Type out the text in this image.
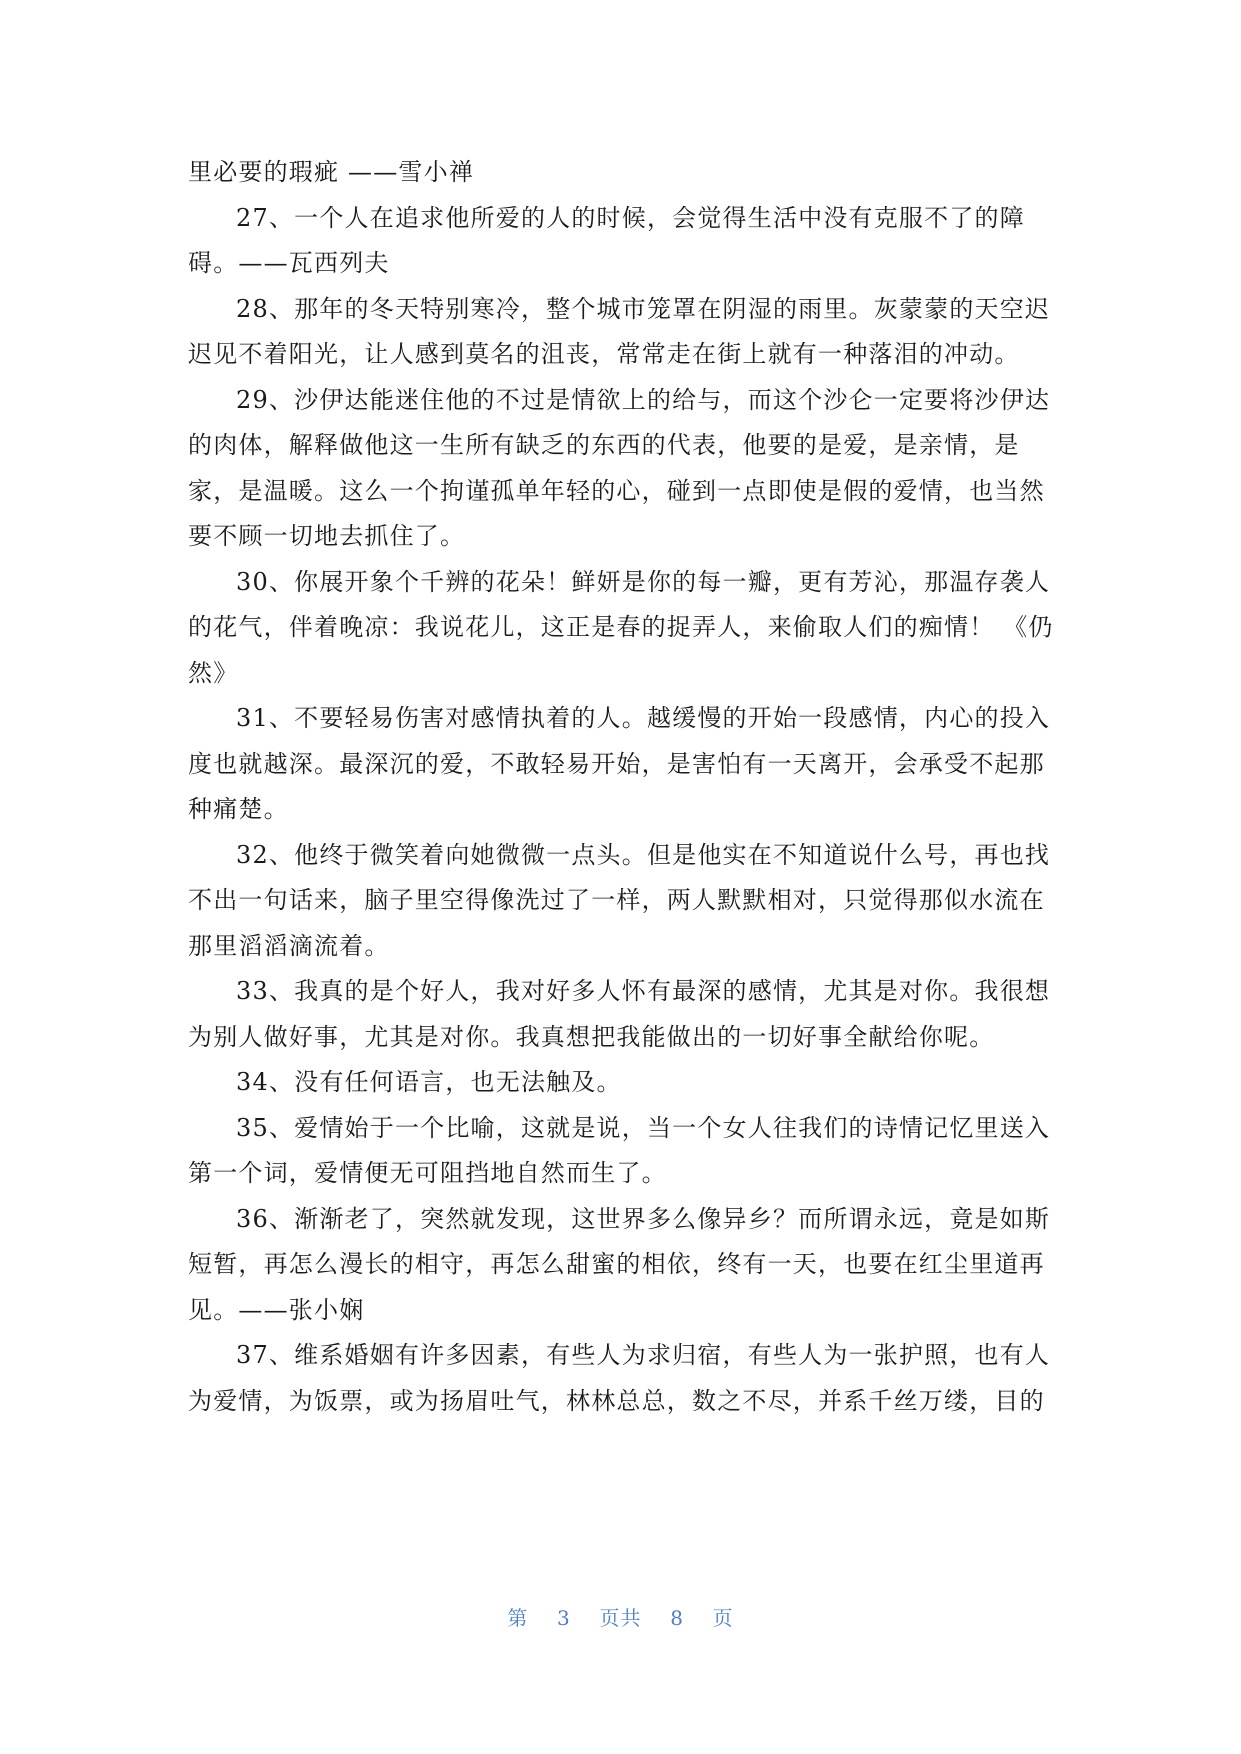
里必要的瑕疵 ——雪小禅
27、一个人在追求他所爱的人的时候，会觉得生活中没有克服不了的障
碍。——瓦西列夫
28、那年的冬天特别寒冷，整个城市笼罩在阴湿的雨里。灰蒙蒙的天空迟
迟见不着阳光，让人感到莫名的沮丧，常常走在街上就有一种落泪的冲动。
29、沙伊达能迷住他的不过是情欲上的给与，而这个沙仑一定要将沙伊达
的肉体，解释做他这一生所有缺乏的东西的代表，他要的是爱，是亲情，是
家，是温暖。这么一个拘谨孤单年轻的心，碰到一点即使是假的爱情，也当然
要不顾一切地去抓住了。
30、你展开象个千辨的花朵！鲜妍是你的每一瓣，更有芳沁，那温存袭人
的花气，伴着晚凉：我说花儿，这正是春的捉弄人，来偷取人们的痴情！ 《仍
然》
31、不要轻易伤害对感情执着的人。越缓慢的开始一段感情，内心的投入
度也就越深。最深沉的爱，不敢轻易开始，是害怕有一天离开，会承受不起那
种痛楚。
32、他终于微笑着向她微微一点头。但是他实在不知道说什么号，再也找
不出一句话来，脑子里空得像洗过了一样，两人默默相对，只觉得那似水流在
那里滔滔滴流着。
33、我真的是个好人，我对好多人怀有最深的感情，尤其是对你。我很想
为别人做好事，尤其是对你。我真想把我能做出的一切好事全献给你呢。
34、没有任何语言，也无法触及。
35、爱情始于一个比喻，这就是说，当一个女人往我们的诗情记忆里送入
第一个词，爱情便无可阻挡地自然而生了。
36、渐渐老了，突然就发现，这世界多么像异乡？而所谓永远，竟是如斯
短暂，再怎么漫长的相守，再怎么甜蜜的相依，终有一天，也要在红尘里道再
见。——张小娴
37、维系婚姻有许多因素，有些人为求归宿，有些人为一张护照，也有人
为爱情，为饭票，或为扬眉吐气，林林总总，数之不尽，并系千丝万缕，目的
第 3 页共 8 页
